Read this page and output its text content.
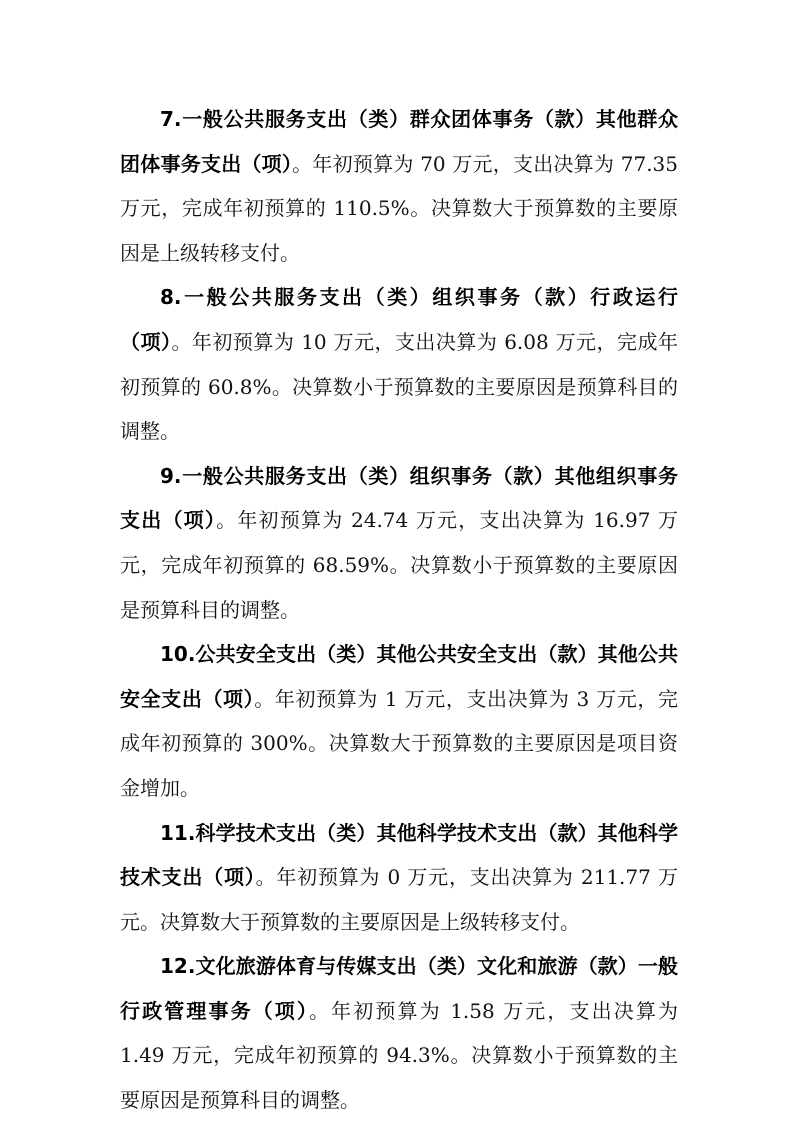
7.一般公共服务支出（类）群众团体事务（款）其他群众团体事务支出（项）。年初预算为 70 万元，支出决算为 77.35 万元，完成年初预算的 110.5%。决算数大于预算数的主要原因是上级转移支付。

8.一般公共服务支出（类）组织事务（款）行政运行（项）。年初预算为 10 万元，支出决算为 6.08 万元，完成年初预算的 60.8%。决算数小于预算数的主要原因是预算科目的调整。

9.一般公共服务支出（类）组织事务（款）其他组织事务支出（项）。年初预算为 24.74 万元，支出决算为 16.97 万元，完成年初预算的 68.59%。决算数小于预算数的主要原因是预算科目的调整。

10.公共安全支出（类）其他公共安全支出（款）其他公共安全支出（项）。年初预算为 1 万元，支出决算为 3 万元，完成年初预算的 300%。决算数大于预算数的主要原因是项目资金增加。

11.科学技术支出（类）其他科学技术支出（款）其他科学技术支出（项）。年初预算为 0 万元，支出决算为 211.77 万元。决算数大于预算数的主要原因是上级转移支付。

12.文化旅游体育与传媒支出（类）文化和旅游（款）一般行政管理事务（项）。年初预算为 1.58 万元，支出决算为 1.49 万元，完成年初预算的 94.3%。决算数小于预算数的主要原因是预算科目的调整。
